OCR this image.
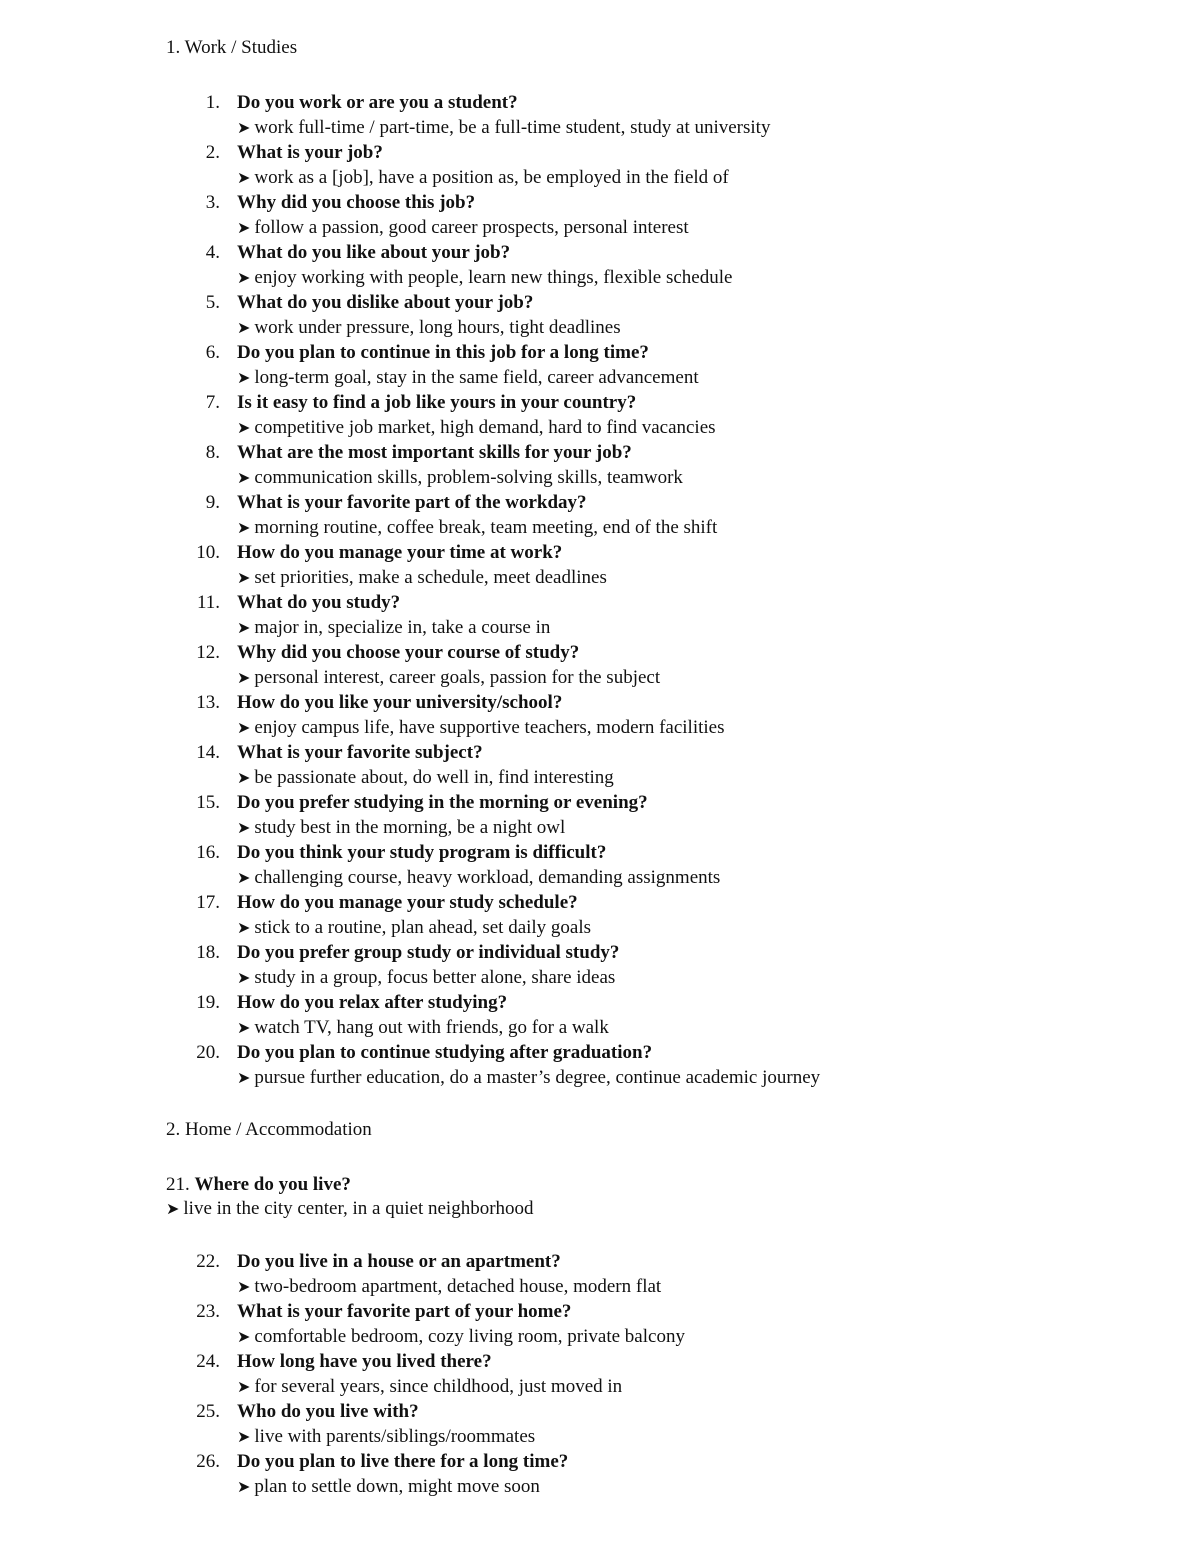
1. Work / Studies
1. Do you work or are you a student?
➤ work full-time / part-time, be a full-time student, study at university
2. What is your job?
➤ work as a [job], have a position as, be employed in the field of
3. Why did you choose this job?
➤ follow a passion, good career prospects, personal interest
4. What do you like about your job?
➤ enjoy working with people, learn new things, flexible schedule
5. What do you dislike about your job?
➤ work under pressure, long hours, tight deadlines
6. Do you plan to continue in this job for a long time?
➤ long-term goal, stay in the same field, career advancement
7. Is it easy to find a job like yours in your country?
➤ competitive job market, high demand, hard to find vacancies
8. What are the most important skills for your job?
➤ communication skills, problem-solving skills, teamwork
9. What is your favorite part of the workday?
➤ morning routine, coffee break, team meeting, end of the shift
10. How do you manage your time at work?
➤ set priorities, make a schedule, meet deadlines
11. What do you study?
➤ major in, specialize in, take a course in
12. Why did you choose your course of study?
➤ personal interest, career goals, passion for the subject
13. How do you like your university/school?
➤ enjoy campus life, have supportive teachers, modern facilities
14. What is your favorite subject?
➤ be passionate about, do well in, find interesting
15. Do you prefer studying in the morning or evening?
➤ study best in the morning, be a night owl
16. Do you think your study program is difficult?
➤ challenging course, heavy workload, demanding assignments
17. How do you manage your study schedule?
➤ stick to a routine, plan ahead, set daily goals
18. Do you prefer group study or individual study?
➤ study in a group, focus better alone, share ideas
19. How do you relax after studying?
➤ watch TV, hang out with friends, go for a walk
20. Do you plan to continue studying after graduation?
➤ pursue further education, do a master’s degree, continue academic journey
2. Home / Accommodation
21. Where do you live?
➤ live in the city center, in a quiet neighborhood
22. Do you live in a house or an apartment?
➤ two-bedroom apartment, detached house, modern flat
23. What is your favorite part of your home?
➤ comfortable bedroom, cozy living room, private balcony
24. How long have you lived there?
➤ for several years, since childhood, just moved in
25. Who do you live with?
➤ live with parents/siblings/roommates
26. Do you plan to live there for a long time?
➤ plan to settle down, might move soon
